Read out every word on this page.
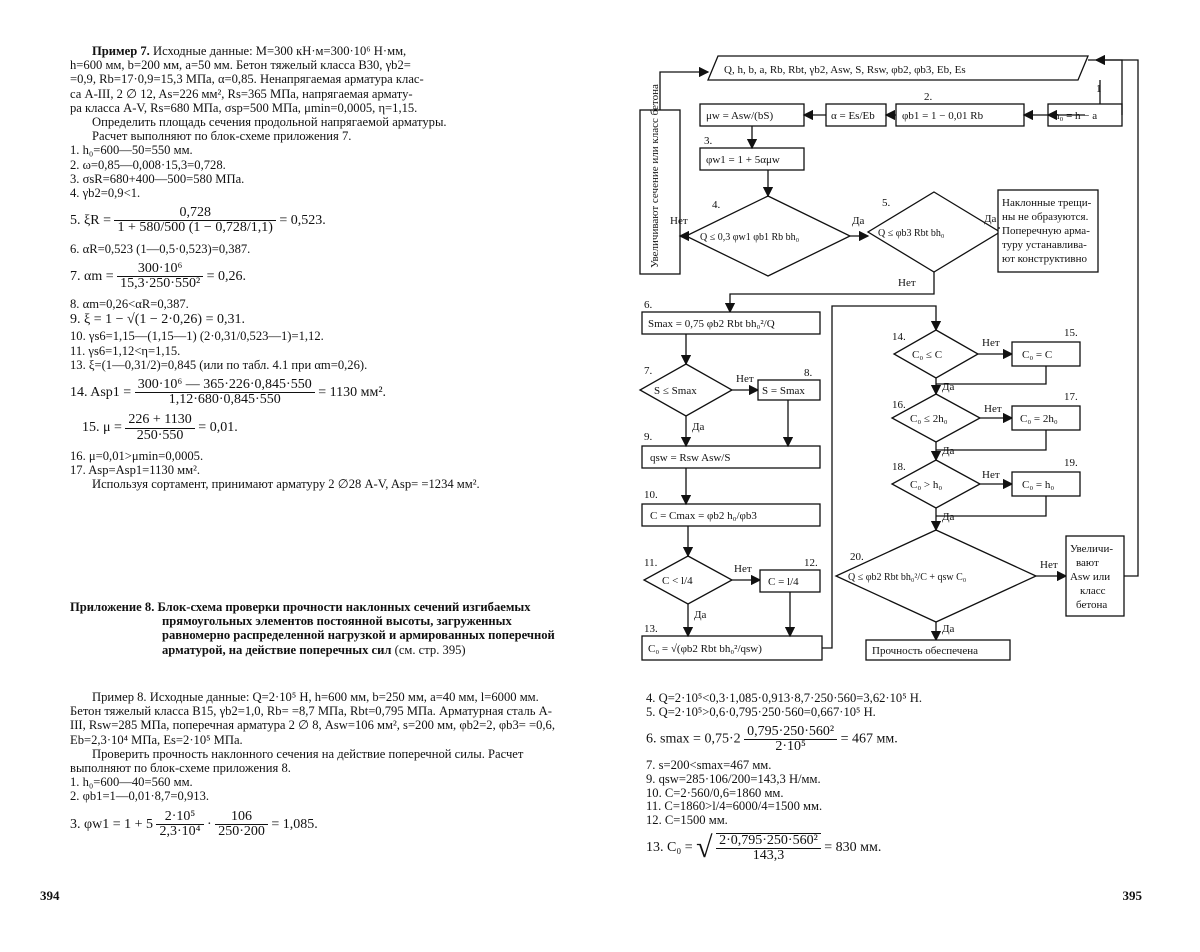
Пример 7. Исходные данные: M=300 кН·м=300·10⁶ Н·мм,

h=600 мм, b=200 мм, a=50 мм. Бетон тяжелый класса В30, γb2=

=0,9, Rb=17·0,9=15,3 МПа, α=0,85. Ненапрягаемая арматура клас-

са А-III, 2 ∅ 12, As=226 мм², Rs=365 МПа, напрягаемая армату-

ра класса А-V, Rs=680 МПа, σsp=500 МПа, μmin=0,0005, η=1,15.

Определить площадь сечения продольной напрягаемой арматуры.

Расчет выполняют по блок-схеме приложения 7.

1. h₀=600—50=550 мм.

2. ω=0,85—0,008·15,3=0,728.

3. σsR=680+400—500=580 МПа.

4. γb2=0,9<1.

5. $\xi R = \frac{0,728}{1 + 580/500 (1 - 0,728/1,1)} = 0,523$.

6. αR=0,523 (1—0,5·0,523)=0,387.

7. $\alpha m = \frac{\text{300·10⁶}}{\text{15,3·250·550²}} = 0,26$.

8. αm=0,26<αR=0,387.

9. ξ = 1 − √(1 − 2·0,26) = 0,31.

10. γs6=1,15—(1,15—1) (2·0,31/0,523—1)=1,12.

11. γs6=1,12<η=1,15.

13. ξ=(1—0,31/2)=0,845 (или по табл. 4.1 при αm=0,26).

14. $Asp1 = \frac{\text{300·10⁶ — 365·226·0,845·550}}{1,12\cdot 680\cdot 0,845\cdot 550} = 1130$ мм².
15. $\mu = \frac{226 + 1130}{250\cdot 550} = 0,01$.

16. μ=0,01>μmin=0,0005.

17. Asp=Asp1=1130 мм².

Используя сортамент, принимают арматуру 2 ∅28 А-V, Asp= =1234 мм².

Приложение 8. Блок-схема проверки прочности наклонных сечений изгибаемых прямоугольных элементов постоянной высоты, загруженных равномерно распределенной нагрузкой и армированных поперечной арматурой, на действие поперечных сил (см. стр. 395)

Пример 8. Исходные данные: Q=2·10⁵ Н, h=600 мм, b=250 мм, a=40 мм, l=6000 мм. Бетон тяжелый класса В15, γb2=1,0, Rb= =8,7 МПа, Rbt=0,795 МПа. Арматурная сталь А-III, Rsw=285 МПа, поперечная арматура 2 ∅ 8, Asw=106 мм², s=200 мм, φb2=2, φb3= =0,6, Eb=2,3·10⁴ МПа, Es=2·10⁵ МПа.

Проверить прочность наклонного сечения на действие поперечной силы. Расчет выполняют по блок-схеме приложения 8.

1. h₀=600—40=560 мм.

2. φb1=1—0,01·8,7=0,913.

3. $\varphi w1 = 1 + 5 \frac{\text{2·10⁵}}{\text{2,3·10⁴}} \cdot \frac{106}{250\cdot 200} = 1,085$.
394
Q, h, b, a, Rb, Rbt, γb2, Asw, S, Rsw, φb2, φb3, Eb, Es
1
h₀ = h − a
2.
φb1 = 1 − 0,01 Rb
α = Es/Eb
μw = Asw/(bS)
3.
φw1 = 1 + 5αμw
Увеличивают сечение или класс бетона	4.
Q ≤ 0,3 φw1 φb1 Rb bh₀
5.
Q ≤ φb3 Rbt bh₀
Наклонные трещи-
ны не образуются.
Поперечную арма-
туру устанавлива-
ют конструктивно
Нет	Да	Да
Нет
6.
Smax = 0,75 φb2 Rbt bh₀²/Q
7.
S ≤ Smax
Нет	8.
S = Smax
Да
9.
qsw = Rsw Asw/S
10.
C = Cmax = φb2 h₀/φb3
11.
C < l/4
Нет	12.
C = l/4
Да
13.
C₀ = √(φb2 Rbt bh₀²/qsw)
14.
C₀ ≤ C
Нет
15.
C₀ = C
Да
16.
C₀ ≤ 2h₀
Нет
17.
C₀ = 2h₀
Да
18.
C₀ > h₀
Нет
19.
C₀ = h₀
Да
20.
Q ≤ φb2 Rbt bh₀²/C + qsw C₀
Нет
Увеличи-
вают
Asw или
класс
бетона
Да
Прочность обеспечена

4. Q=2·10⁵<0,3·1,085·0,913·8,7·250·560=3,62·10⁵ Н.

5. Q=2·10⁵>0,6·0,795·250·560=0,667·10⁵ Н.

6. $smax = 0,75\cdot 2 \frac{\text{0,795·250·560²}}{\text{2·10⁵}} = 467$ мм.

7. s=200<smax=467 мм.

9. qsw=285·106/200=143,3 Н/мм.

10. C=2·560/0,6=1860 мм.

11. C=1860>l/4=6000/4=1500 мм.

12. C=1500 мм.

13. C₀ = √ $\frac{\text{2·0,795·250·560²}}{143,3} = 830$ мм.
395
